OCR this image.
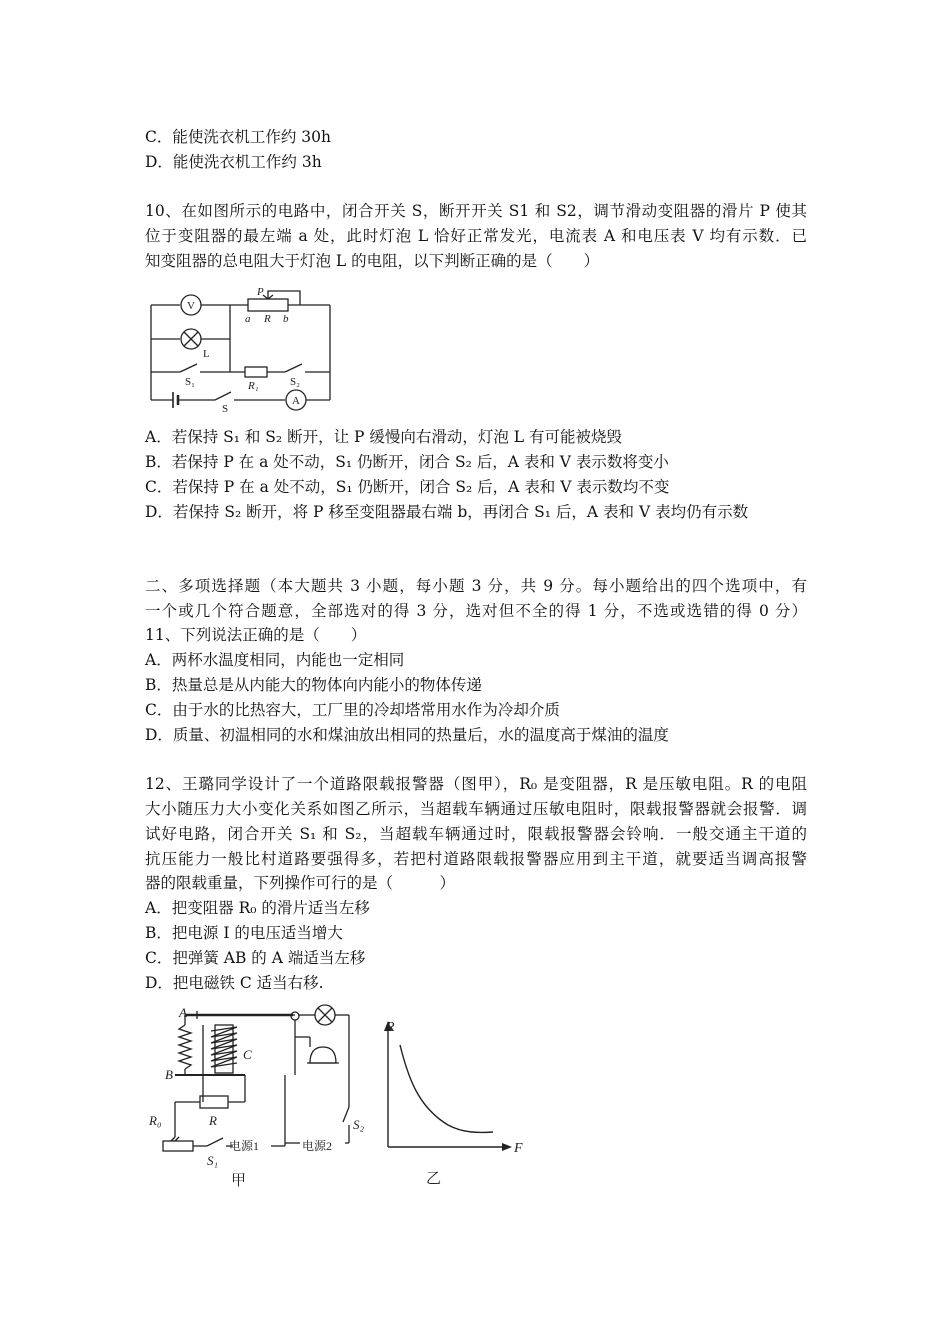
C．能使洗衣机工作约 30h
D．能使洗衣机工作约 3h
10、在如图所示的电路中，闭合开关 S，断开开关 S1 和 S2，调节滑动变阻器的滑片 P 使其
位于变阻器的最左端 a 处，此时灯泡 L 恰好正常发光，电流表 A 和电压表 V 均有示数．已
知变阻器的总电阻大于灯泡 L 的电阻，以下判断正确的是（　　）
V
L
P
a R b
S₁	R₁	S₂
S
A
A．若保持 S₁ 和 S₂ 断开，让 P 缓慢向右滑动，灯泡 L 有可能被烧毁
B．若保持 P 在 a 处不动，S₁ 仍断开，闭合 S₂ 后，A 表和 V 表示数将变小
C．若保持 P 在 a 处不动，S₁ 仍断开，闭合 S₂ 后，A 表和 V 表示数均不变
D．若保持 S₂ 断开，将 P 移至变阻器最右端 b，再闭合 S₁ 后，A 表和 V 表均仍有示数
二、多项选择题（本大题共 3 小题，每小题 3 分，共 9 分。每小题给出的四个选项中，有
一个或几个符合题意，全部选对的得 3 分，选对但不全的得 1 分，不选或选错的得 0 分）
11、下列说法正确的是（　　）
A．两杯水温度相同，内能也一定相同
B．热量总是从内能大的物体向内能小的物体传递
C．由于水的比热容大，工厂里的冷却塔常用水作为冷却介质
D．质量、初温相同的水和煤油放出相同的热量后，水的温度高于煤油的温度
12、王璐同学设计了一个道路限载报警器（图甲），R₀ 是变阻器，R 是压敏电阻。R 的电阻
大小随压力大小变化关系如图乙所示，当超载车辆通过压敏电阻时，限载报警器就会报警．调
试好电路，闭合开关 S₁ 和 S₂，当超载车辆通过时，限载报警器会铃响．一般交通主干道的
抗压能力一般比村道路要强得多，若把村道路限载报警器应用到主干道，就要适当调高报警
器的限载重量，下列操作可行的是（　　　）
A．把变阻器 R₀ 的滑片适当左移
B．把电源 I 的电压适当增大
C．把弹簧 AB 的 A 端适当左移
D．把电磁铁 C 适当右移.
A
B
C
R₀	R
S₁
电源1	电源2
S₂
甲
R
F
乙
